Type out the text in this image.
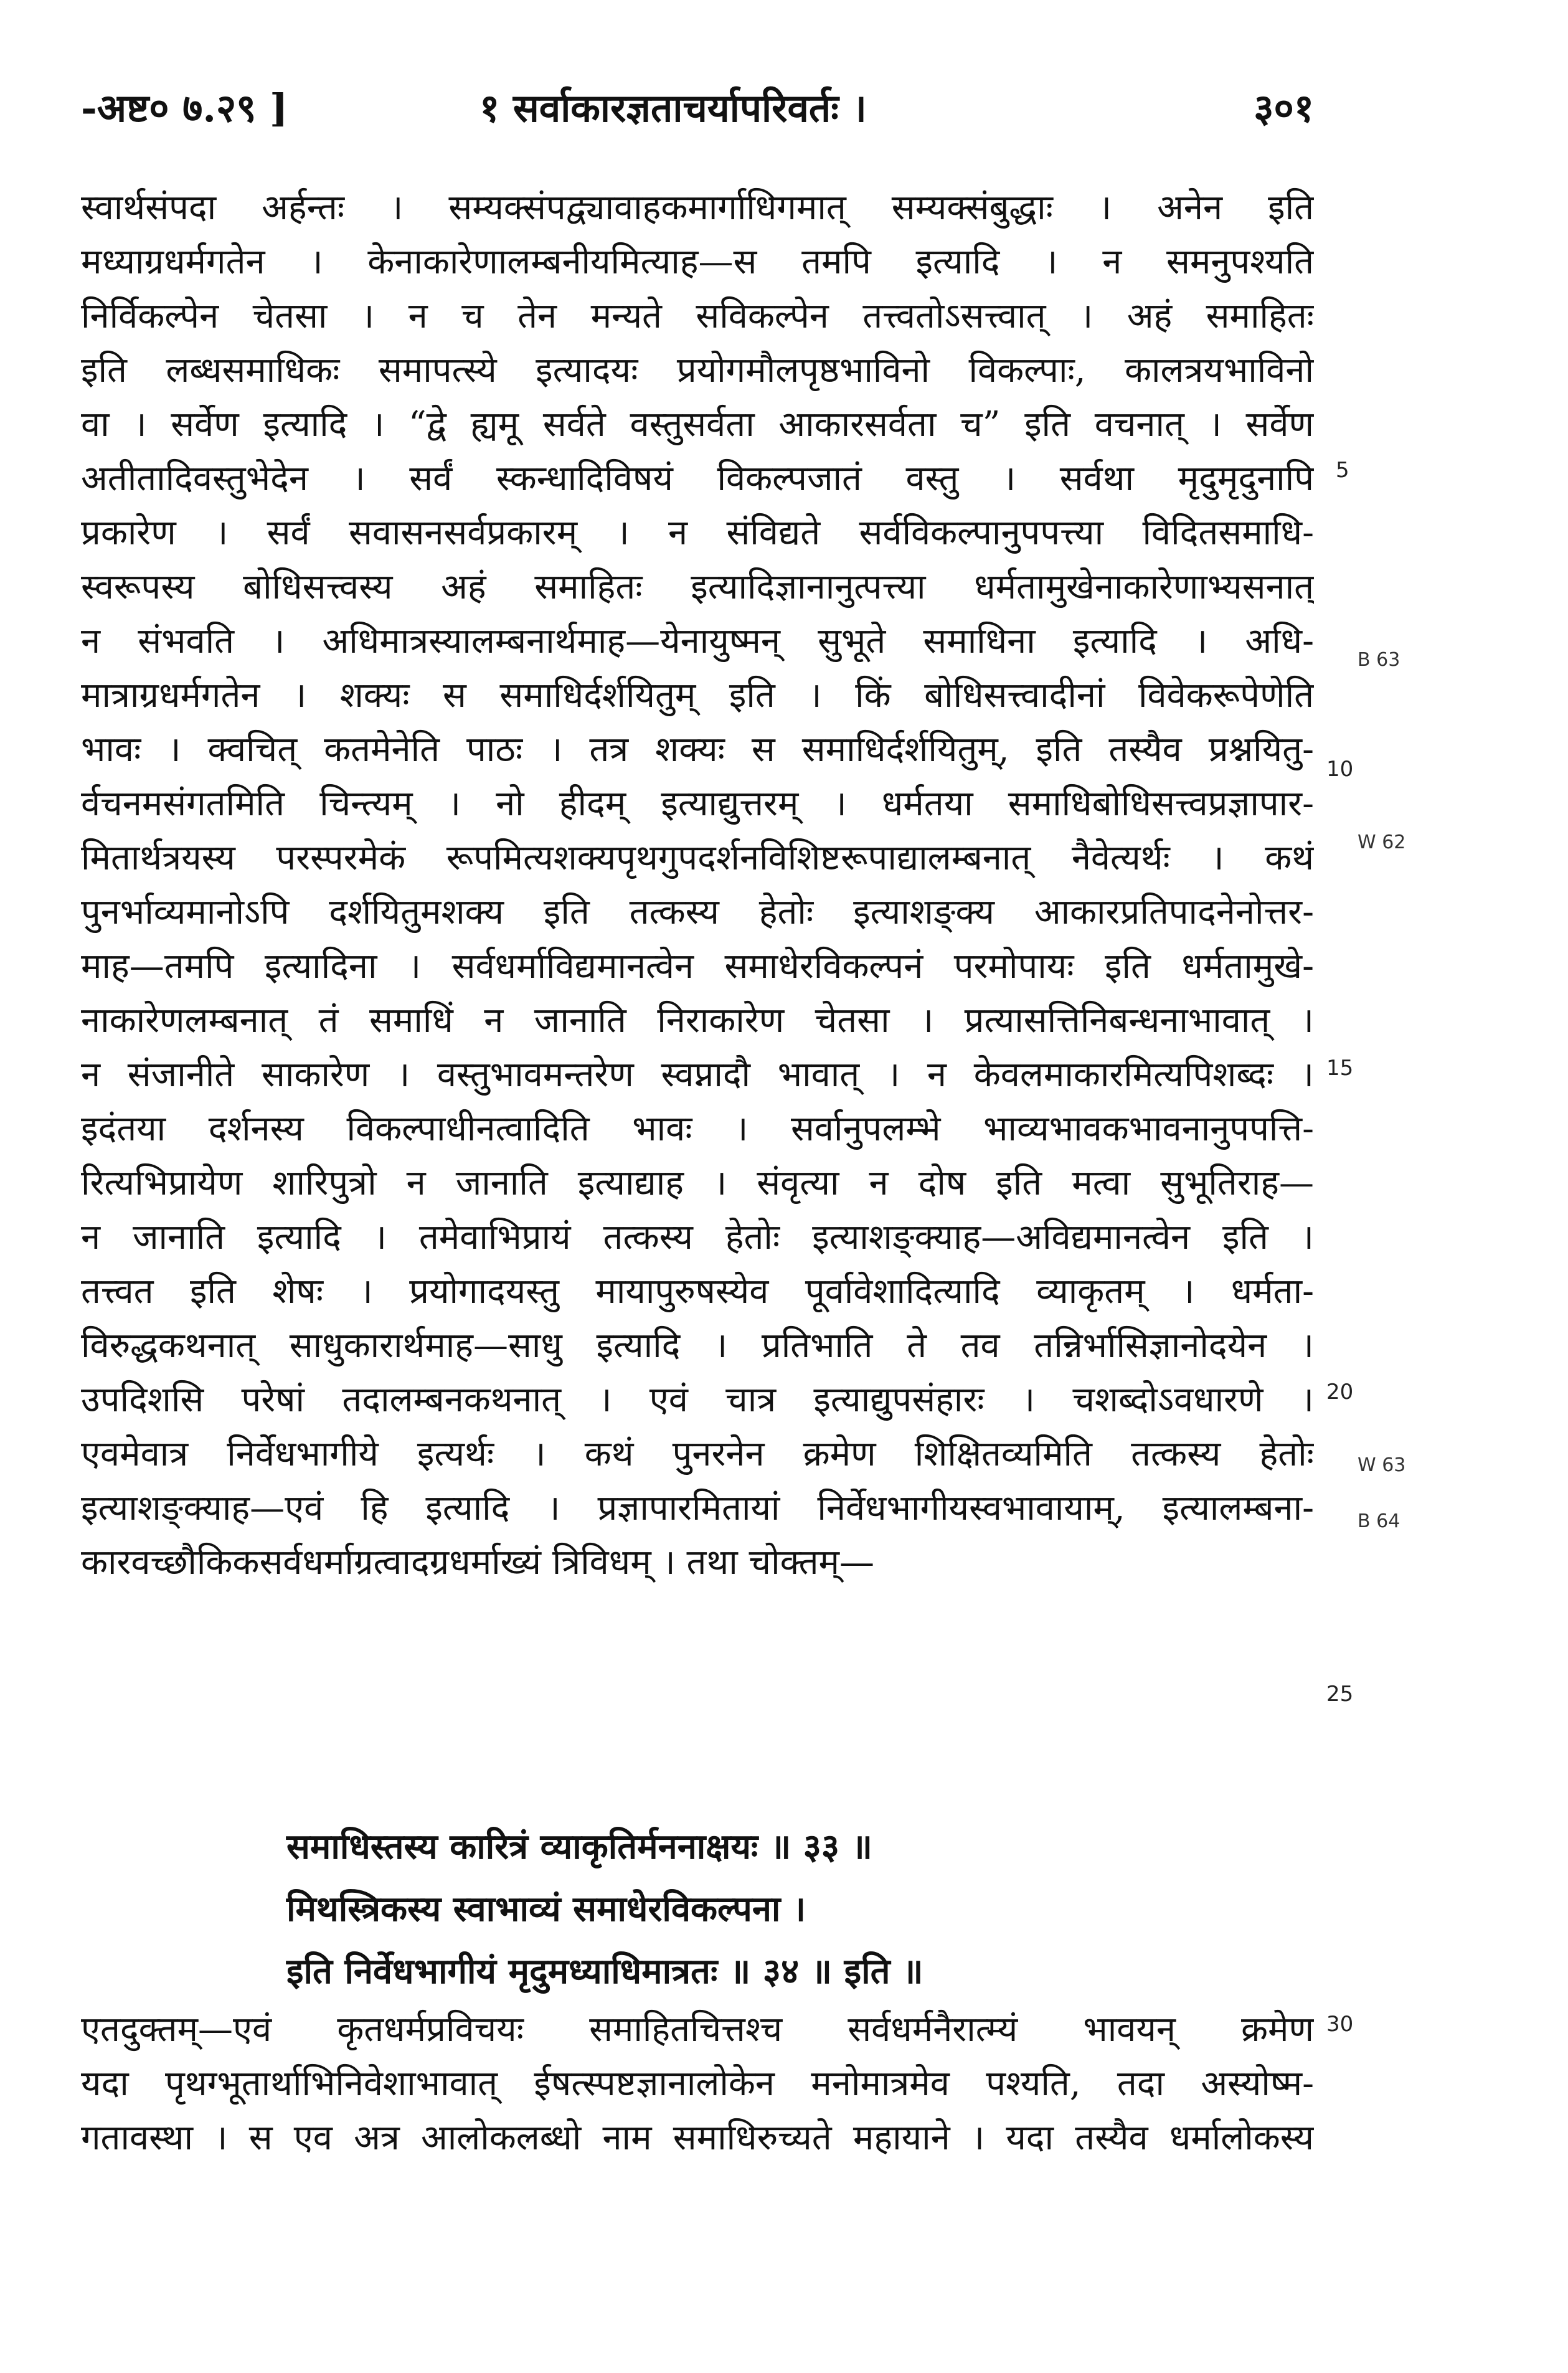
-अष्ट० ७.२९ ]	१ सर्वाकारज्ञताचर्यापरिवर्तः ।	३०१
स्वार्थसंपदा अर्हन्तः । सम्यक्संपद्व्यावाहकमार्गाधिगमात् सम्यक्संबुद्धाः । अनेन इति
मध्याग्रधर्मगतेन । केनाकारेणालम्बनीयमित्याह—स तमपि इत्यादि । न समनुपश्यति
निर्विकल्पेन चेतसा । न च तेन मन्यते सविकल्पेन तत्त्वतोऽसत्त्वात् । अहं समाहितः
इति लब्धसमाधिकः समापत्स्ये इत्यादयः प्रयोगमौलपृष्ठभाविनो विकल्पाः, कालत्रयभाविनो
वा । सर्वेण इत्यादि । “द्वे ह्यमू सर्वते वस्तुसर्वता आकारसर्वता च” इति वचनात् । सर्वेण
अतीतादिवस्तुभेदेन । सर्वं स्कन्धादिविषयं विकल्पजातं वस्तु । सर्वथा मृदुमृदुनापि
प्रकारेण । सर्वं सवासनसर्वप्रकारम् । न संविद्यते सर्वविकल्पानुपपत्त्या विदितसमाधि-
स्वरूपस्य बोधिसत्त्वस्य अहं समाहितः इत्यादिज्ञानानुत्पत्त्या धर्मतामुखेनाकारेणाभ्यसनात्
न संभवति । अधिमात्रस्यालम्बनार्थमाह—येनायुष्मन् सुभूते समाधिना इत्यादि । अधि-
मात्राग्रधर्मगतेन । शक्यः स समाधिर्दर्शयितुम् इति । किं बोधिसत्त्वादीनां विवेकरूपेणेति
भावः । क्वचित् कतमेनेति पाठः । तत्र शक्यः स समाधिर्दर्शयितुम्, इति तस्यैव प्रश्नयितु-
र्वचनमसंगतमिति चिन्त्यम् । नो हीदम् इत्याद्युत्तरम् । धर्मतया समाधिबोधिसत्त्वप्रज्ञापार-
मितार्थत्रयस्य परस्परमेकं रूपमित्यशक्यपृथगुपदर्शनविशिष्टरूपाद्यालम्बनात् नैवेत्यर्थः । कथं
पुनर्भाव्यमानोऽपि दर्शयितुमशक्य इति तत्कस्य हेतोः इत्याशङ्क्य आकारप्रतिपादनेनोत्तर-
माह—तमपि इत्यादिना । सर्वधर्माविद्यमानत्वेन समाधेरविकल्पनं परमोपायः इति धर्मतामुखे-
नाकारेणलम्बनात् तं समाधिं न जानाति निराकारेण चेतसा । प्रत्यासत्तिनिबन्धनाभावात् ।
न संजानीते साकारेण । वस्तुभावमन्तरेण स्वप्नादौ भावात् । न केवलमाकारमित्यपिशब्दः ।
इदंतया दर्शनस्य विकल्पाधीनत्वादिति भावः । सर्वानुपलम्भे भाव्यभावकभावनानुपपत्ति-
रित्यभिप्रायेण शारिपुत्रो न जानाति इत्याद्याह । संवृत्या न दोष इति मत्वा सुभूतिराह—
न जानाति इत्यादि । तमेवाभिप्रायं तत्कस्य हेतोः इत्याशङ्क्याह—अविद्यमानत्वेन इति ।
तत्त्वत इति शेषः । प्रयोगादयस्तु मायापुरुषस्येव पूर्वावेशादित्यादि व्याकृतम् । धर्मता-
विरुद्धकथनात् साधुकारार्थमाह—साधु इत्यादि । प्रतिभाति ते तव तन्निर्भासिज्ञानोदयेन ।
उपदिशसि परेषां तदालम्बनकथनात् । एवं चात्र इत्याद्युपसंहारः । चशब्दोऽवधारणे ।
एवमेवात्र निर्वेधभागीये इत्यर्थः । कथं पुनरनेन क्रमेण शिक्षितव्यमिति तत्कस्य हेतोः
इत्याशङ्क्याह—एवं हि इत्यादि । प्रज्ञापारमितायां निर्वेधभागीयस्वभावायाम्, इत्यालम्बना-
कारवच्छौकिकसर्वधर्माग्रत्वादग्रधर्माख्यं त्रिविधम् । तथा चोक्तम्—
समाधिस्तस्य कारित्रं व्याकृतिर्मननाक्षयः ॥ ३३ ॥
मिथस्त्रिकस्य स्वाभाव्यं समाधेरविकल्पना ।
इति निर्वेधभागीयं मृदुमध्याधिमात्रतः ॥ ३४ ॥ इति ॥
एतदुक्तम्—एवं कृतधर्मप्रविचयः समाहितचित्तश्च सर्वधर्मनैरात्म्यं भावयन् क्रमेण
यदा पृथग्भूतार्थाभिनिवेशाभावात् ईषत्स्पष्टज्ञानालोकेन मनोमात्रमेव पश्यति, तदा अस्योष्म-
गतावस्था । स एव अत्र आलोकलब्धो नाम समाधिरुच्यते महायाने । यदा तस्यैव धर्मालोकस्य
5
10
15
20
25
30
B 63
W 62
W 63
B 64
